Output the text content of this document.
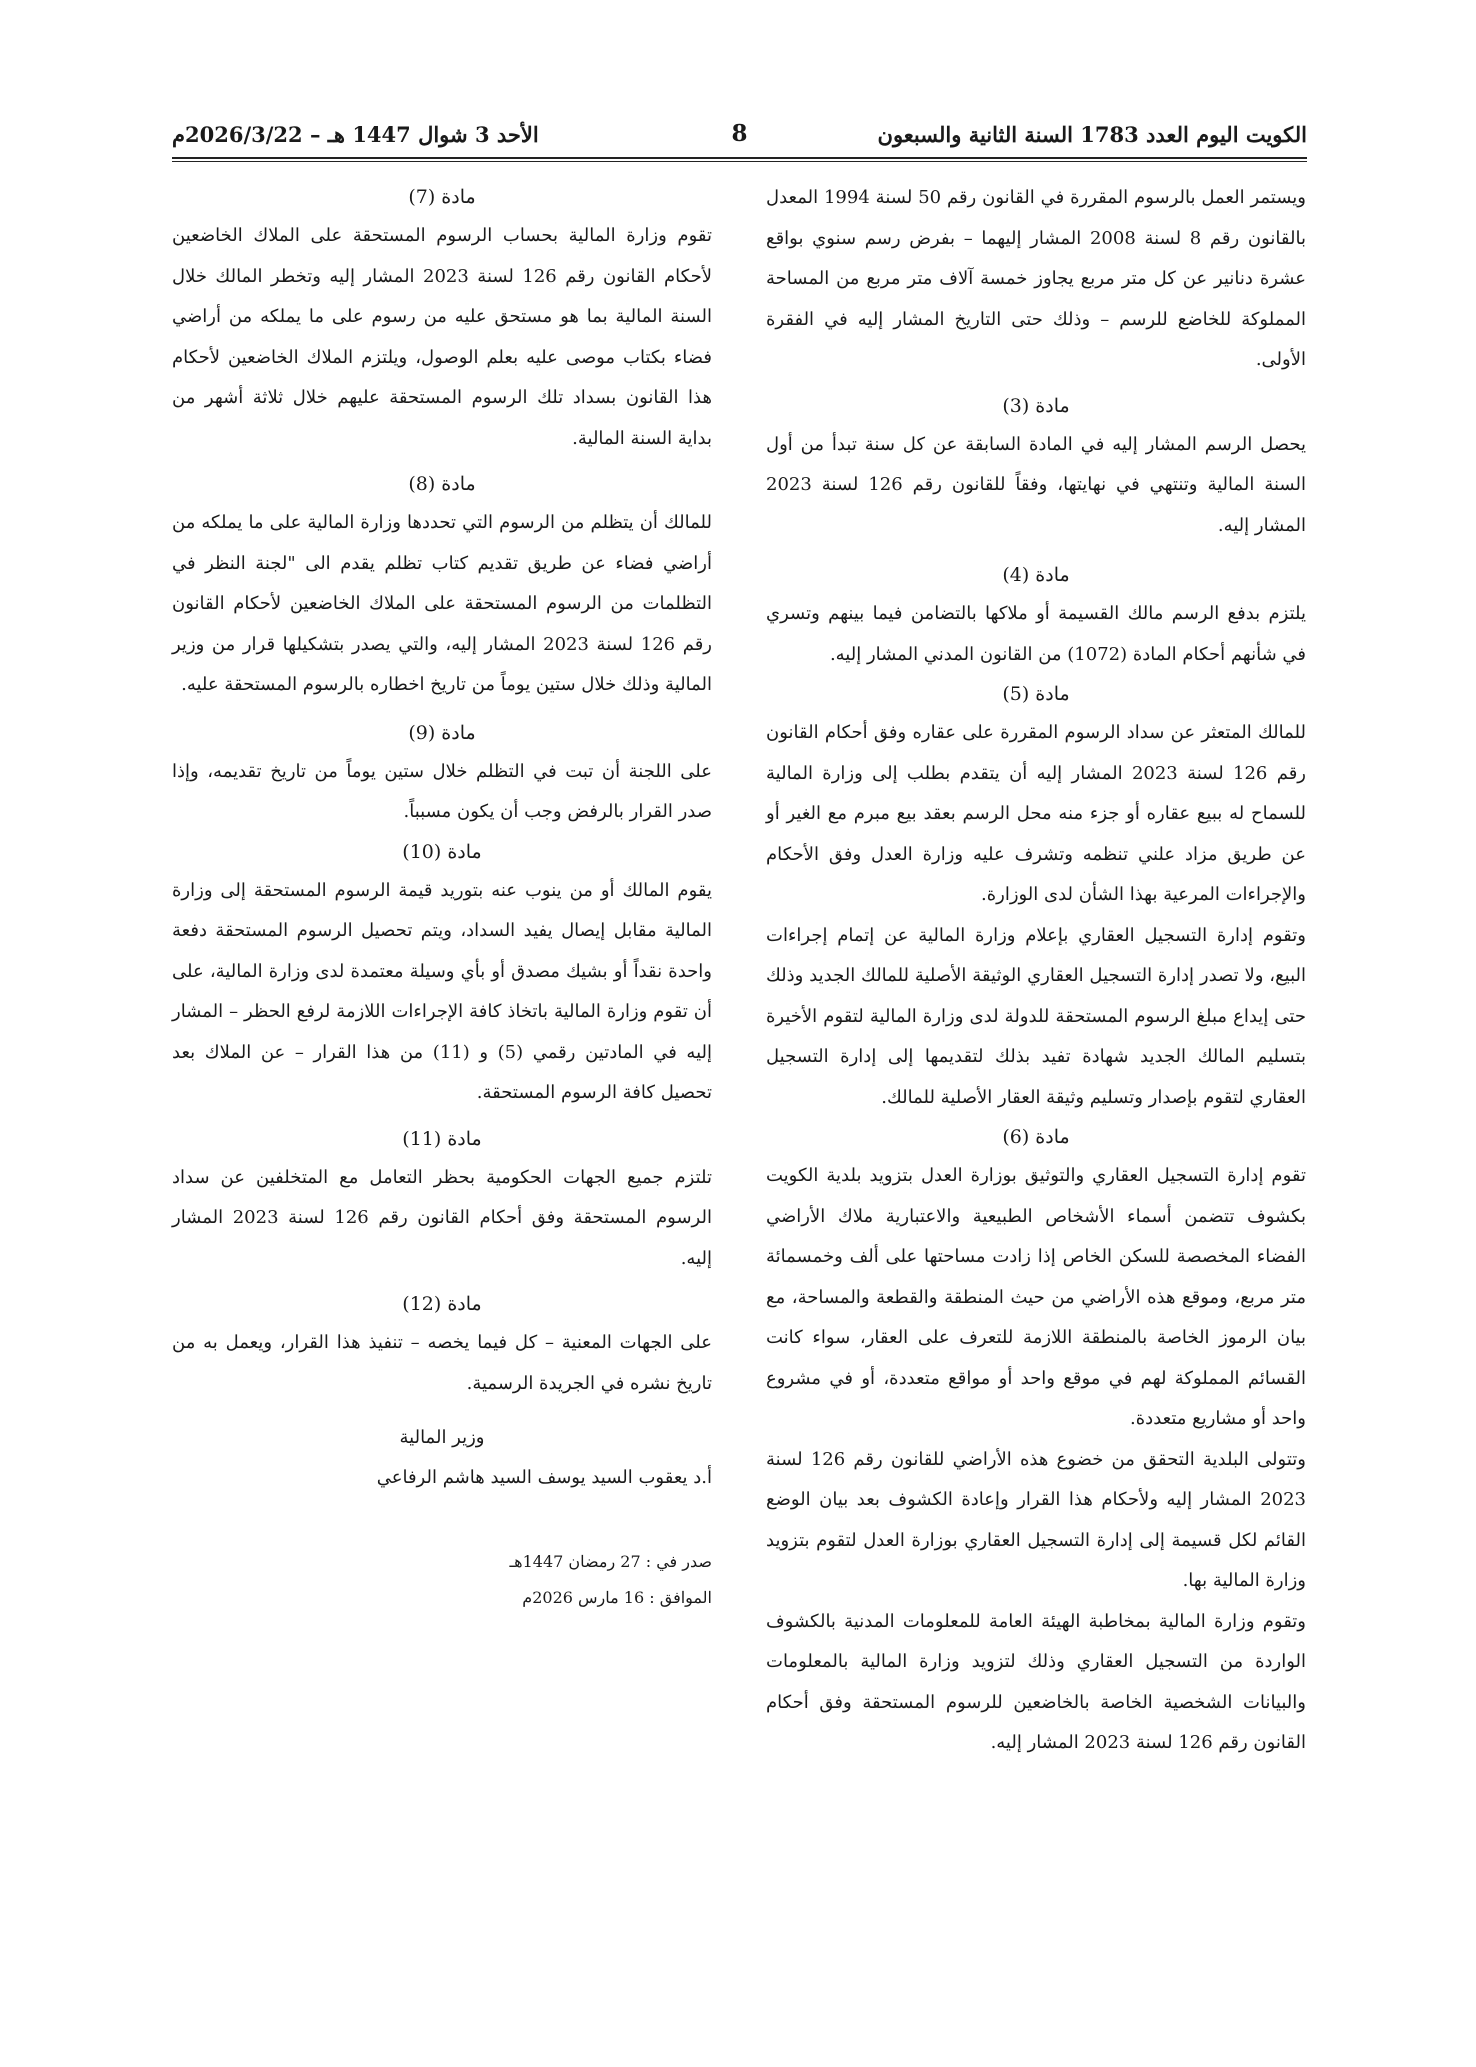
الكويت اليوم العدد 1783 السنة الثانية والسبعون
8
الأحد 3 شوال 1447 هـ – 2026/3/22م

ويستمر العمل بالرسوم المقررة في القانون رقم 50 لسنة 1994 المعدل بالقانون رقم 8 لسنة 2008 المشار إليهما – بفرض رسم سنوي بواقع عشرة دنانير عن كل متر مربع يجاوز خمسة آلاف متر مربع من المساحة المملوكة للخاضع للرسم – وذلك حتى التاريخ المشار إليه في الفقرة الأولى.

مادة (3)

يحصل الرسم المشار إليه في المادة السابقة عن كل سنة تبدأ من أول السنة المالية وتنتهي في نهايتها، وفقاً للقانون رقم 126 لسنة 2023 المشار إليه.

مادة (4)

يلتزم بدفع الرسم مالك القسيمة أو ملاكها بالتضامن فيما بينهم وتسري في شأنهم أحكام المادة (1072) من القانون المدني المشار إليه.

مادة (5)

للمالك المتعثر عن سداد الرسوم المقررة على عقاره وفق أحكام القانون رقم 126 لسنة 2023 المشار إليه أن يتقدم بطلب إلى وزارة المالية للسماح له ببيع عقاره أو جزء منه محل الرسم بعقد بيع مبرم مع الغير أو عن طريق مزاد علني تنظمه وتشرف عليه وزارة العدل وفق الأحكام والإجراءات المرعية بهذا الشأن لدى الوزارة.

وتقوم إدارة التسجيل العقاري بإعلام وزارة المالية عن إتمام إجراءات البيع، ولا تصدر إدارة التسجيل العقاري الوثيقة الأصلية للمالك الجديد وذلك حتى إيداع مبلغ الرسوم المستحقة للدولة لدى وزارة المالية لتقوم الأخيرة بتسليم المالك الجديد شهادة تفيد بذلك لتقديمها إلى إدارة التسجيل العقاري لتقوم بإصدار وتسليم وثيقة العقار الأصلية للمالك.

مادة (6)

تقوم إدارة التسجيل العقاري والتوثيق بوزارة العدل بتزويد بلدية الكويت بكشوف تتضمن أسماء الأشخاص الطبيعية والاعتبارية ملاك الأراضي الفضاء المخصصة للسكن الخاص إذا زادت مساحتها على ألف وخمسمائة متر مربع، وموقع هذه الأراضي من حيث المنطقة والقطعة والمساحة، مع بيان الرموز الخاصة بالمنطقة اللازمة للتعرف على العقار، سواء كانت القسائم المملوكة لهم في موقع واحد أو مواقع متعددة، أو في مشروع واحد أو مشاريع متعددة.

وتتولى البلدية التحقق من خضوع هذه الأراضي للقانون رقم 126 لسنة 2023 المشار إليه ولأحكام هذا القرار وإعادة الكشوف بعد بيان الوضع القائم لكل قسيمة إلى إدارة التسجيل العقاري بوزارة العدل لتقوم بتزويد وزارة المالية بها.

وتقوم وزارة المالية بمخاطبة الهيئة العامة للمعلومات المدنية بالكشوف الواردة من التسجيل العقاري وذلك لتزويد وزارة المالية بالمعلومات والبيانات الشخصية الخاصة بالخاضعين للرسوم المستحقة وفق أحكام القانون رقم 126 لسنة 2023 المشار إليه.

مادة (7)

تقوم وزارة المالية بحساب الرسوم المستحقة على الملاك الخاضعين لأحكام القانون رقم 126 لسنة 2023 المشار إليه وتخطر المالك خلال السنة المالية بما هو مستحق عليه من رسوم على ما يملكه من أراضي فضاء بكتاب موصى عليه بعلم الوصول، ويلتزم الملاك الخاضعين لأحكام هذا القانون بسداد تلك الرسوم المستحقة عليهم خلال ثلاثة أشهر من بداية السنة المالية.

مادة (8)

للمالك أن يتظلم من الرسوم التي تحددها وزارة المالية على ما يملكه من أراضي فضاء عن طريق تقديم كتاب تظلم يقدم الى "لجنة النظر في التظلمات من الرسوم المستحقة على الملاك الخاضعين لأحكام القانون رقم 126 لسنة 2023 المشار إليه، والتي يصدر بتشكيلها قرار من وزير المالية وذلك خلال ستين يوماً من تاريخ اخطاره بالرسوم المستحقة عليه.

مادة (9)

على اللجنة أن تبت في التظلم خلال ستين يوماً من تاريخ تقديمه، وإذا صدر القرار بالرفض وجب أن يكون مسبباً.

مادة (10)

يقوم المالك أو من ينوب عنه بتوريد قيمة الرسوم المستحقة إلى وزارة المالية مقابل إيصال يفيد السداد، ويتم تحصيل الرسوم المستحقة دفعة واحدة نقداً أو بشيك مصدق أو بأي وسيلة معتمدة لدى وزارة المالية، على أن تقوم وزارة المالية باتخاذ كافة الإجراءات اللازمة لرفع الحظر – المشار إليه في المادتين رقمي (5) و (11) من هذا القرار – عن الملاك بعد تحصيل كافة الرسوم المستحقة.

مادة (11)

تلتزم جميع الجهات الحكومية بحظر التعامل مع المتخلفين عن سداد الرسوم المستحقة وفق أحكام القانون رقم 126 لسنة 2023 المشار إليه.

مادة (12)

على الجهات المعنية – كل فيما يخصه – تنفيذ هذا القرار، ويعمل به من تاريخ نشره في الجريدة الرسمية.

وزير المالية

أ.د يعقوب السيد يوسف السيد هاشم الرفاعي

صدر في : 27 رمضان 1447هـ

الموافق : 16 مارس 2026م
